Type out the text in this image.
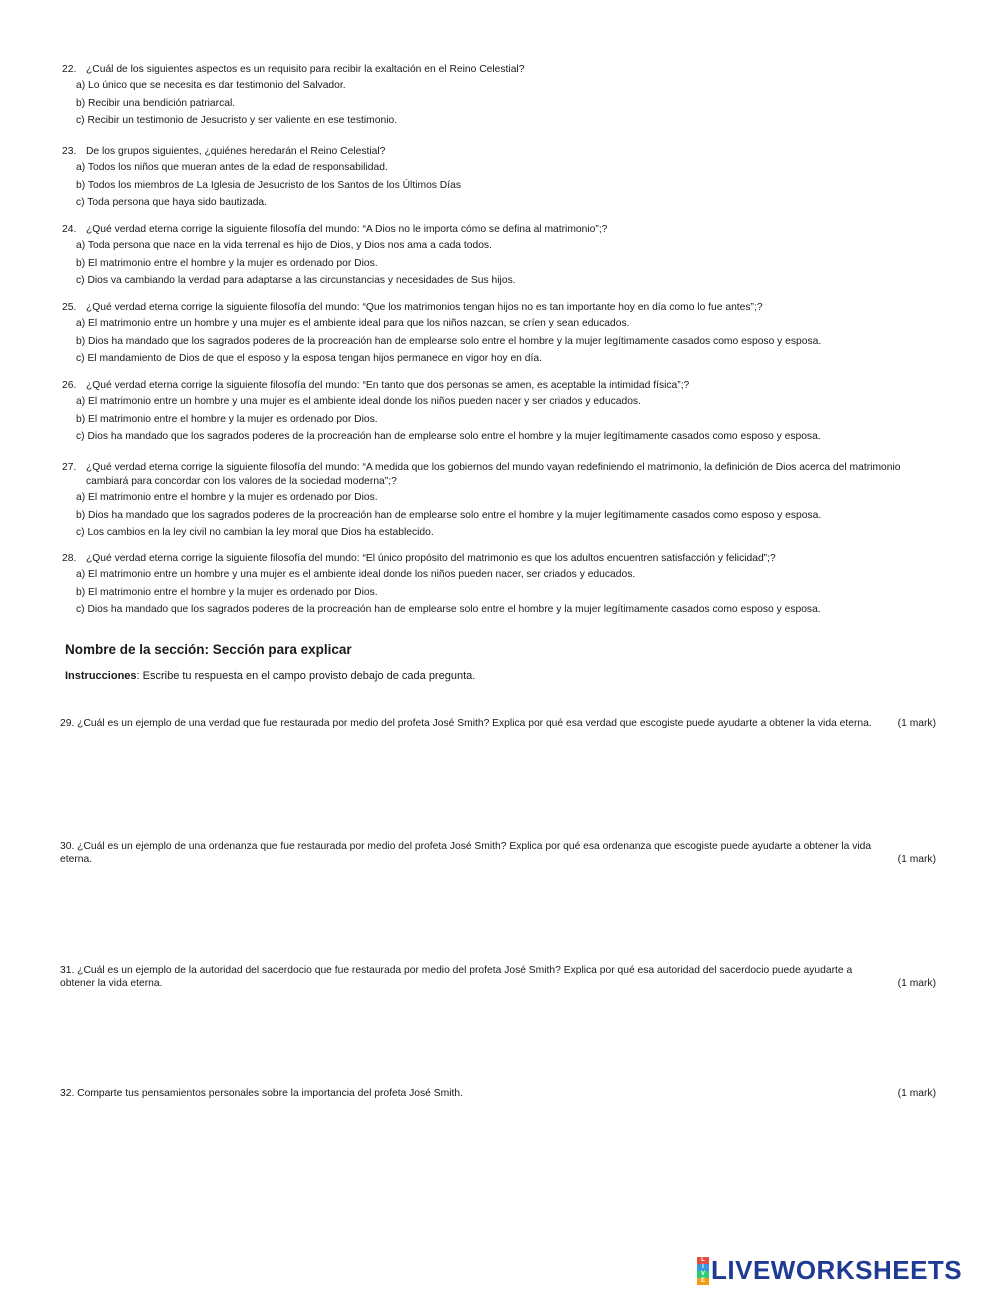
22. ¿Cuál de los siguientes aspectos es un requisito para recibir la exaltación en el Reino Celestial?
a) Lo único que se necesita es dar testimonio del Salvador.
b) Recibir una bendición patriarcal.
c) Recibir un testimonio de Jesucristo y ser valiente en ese testimonio.
23. De los grupos siguientes, ¿quiénes heredarán el Reino Celestial?
a) Todos los niños que mueran antes de la edad de responsabilidad.
b) Todos los miembros de La Iglesia de Jesucristo de los Santos de los Últimos Días
c) Toda persona que haya sido bautizada.
24. ¿Qué verdad eterna corrige la siguiente filosofía del mundo: “A Dios no le importa cómo se defina al matrimonio”;?
a) Toda persona que nace en la vida terrenal es hijo de Dios, y Dios nos ama a cada todos.
b) El matrimonio entre el hombre y la mujer es ordenado por Dios.
c) Dios va cambiando la verdad para adaptarse a las circunstancias y necesidades de Sus hijos.
25. ¿Qué verdad eterna corrige la siguiente filosofía del mundo: “Que los matrimonios tengan hijos no es tan importante hoy en día como lo fue antes”;?
a) El matrimonio entre un hombre y una mujer es el ambiente ideal para que los niños nazcan, se críen y sean educados.
b) Dios ha mandado que los sagrados poderes de la procreación han de emplearse solo entre el hombre y la mujer legítimamente casados como esposo y esposa.
c) El mandamiento de Dios de que el esposo y la esposa tengan hijos permanece en vigor hoy en día.
26. ¿Qué verdad eterna corrige la siguiente filosofía del mundo: “En tanto que dos personas se amen, es aceptable la intimidad física”;?
a) El matrimonio entre un hombre y una mujer es el ambiente ideal donde los niños pueden nacer y ser criados y educados.
b) El matrimonio entre el hombre y la mujer es ordenado por Dios.
c) Dios ha mandado que los sagrados poderes de la procreación han de emplearse solo entre el hombre y la mujer legítimamente casados como esposo y esposa.
27. ¿Qué verdad eterna corrige la siguiente filosofía del mundo: “A medida que los gobiernos del mundo vayan redefiniendo el matrimonio, la definición de Dios acerca del matrimonio cambiará para concordar con los valores de la sociedad moderna”;?
a) El matrimonio entre el hombre y la mujer es ordenado por Dios.
b) Dios ha mandado que los sagrados poderes de la procreación han de emplearse solo entre el hombre y la mujer legítimamente casados como esposo y esposa.
c) Los cambios en la ley civil no cambian la ley moral que Dios ha establecido.
28. ¿Qué verdad eterna corrige la siguiente filosofía del mundo: “El único propósito del matrimonio es que los adultos encuentren satisfacción y felicidad”;?
a) El matrimonio entre un hombre y una mujer es el ambiente ideal donde los niños pueden nacer, ser criados y educados.
b) El matrimonio entre el hombre y la mujer es ordenado por Dios.
c) Dios ha mandado que los sagrados poderes de la procreación han de emplearse solo entre el hombre y la mujer legítimamente casados como esposo y esposa.
Nombre de la sección: Sección para explicar
Instrucciones: Escribe tu respuesta en el campo provisto debajo de cada pregunta.
29. ¿Cuál es un ejemplo de una verdad que fue restaurada por medio del profeta José Smith? Explica por qué esa verdad que escogiste puede ayudarte a obtener la vida eterna.	(1 mark)
30. ¿Cuál es un ejemplo de una ordenanza que fue restaurada por medio del profeta José Smith? Explica por qué esa ordenanza que escogiste puede ayudarte a obtener la vida eterna.	(1 mark)
31. ¿Cuál es un ejemplo de la autoridad del sacerdocio que fue restaurada por medio del profeta José Smith? Explica por qué esa autoridad del sacerdocio puede ayudarte a obtener la vida eterna.	(1 mark)
32. Comparte tus pensamientos personales sobre la importancia del profeta José Smith.	(1 mark)
L
I
V
E LIVEWORKSHEETS
